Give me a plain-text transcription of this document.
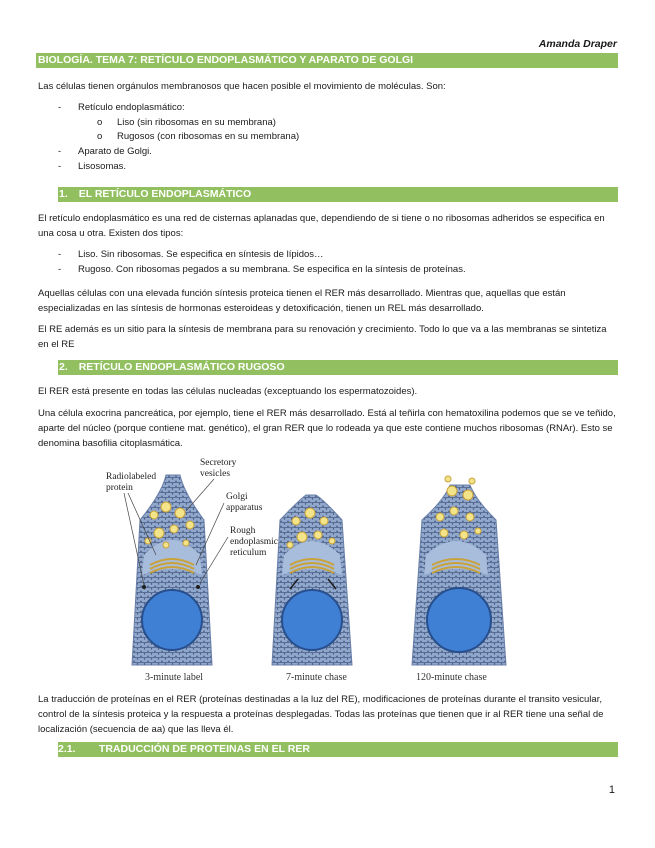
Amanda Draper
BIOLOGÍA. TEMA 7: RETÍCULO ENDOPLASMÁTICO Y APARATO DE GOLGI
Las células tienen orgánulos membranosos que hacen posible el movimiento de moléculas. Son:
- Retículo endoplasmático:
o Liso (sin ribosomas en su membrana)
o Rugosos (con ribosomas en su membrana)
- Aparato de Golgi.
- Lisosomas.
1. EL RETÍCULO ENDOPLASMÁTICO
El retículo endoplasmático es una red de cisternas aplanadas que, dependiendo de si tiene o no ribosomas adheridos se especifica en una cosa u otra. Existen dos tipos:
- Liso. Sin ribosomas. Se especifica en síntesis de lípidos…
- Rugoso. Con ribosomas pegados a su membrana. Se especifica en la síntesis de proteínas.
Aquellas células con una elevada función síntesis proteica tienen el RER más desarrollado. Mientras que, aquellas que están especializadas en las síntesis de hormonas esteroideas y detoxificación, tienen un REL más desarrollado.
El RE además es un sitio para la síntesis de membrana para su renovación y crecimiento. Todo lo que va a las membranas se sintetiza en el RE
2. RETÍCULO ENDOPLASMÁTICO RUGOSO
El RER está presente en todas las células nucleadas (exceptuando los espermatozoides).
Una célula exocrina pancreática, por ejemplo, tiene el RER más desarrollado. Está al teñirla con hematoxilina podemos que se ve teñido, aparte del núcleo (porque contiene mat. genético), el gran RER que lo rodeada ya que este contiene muchos ribosomas (RNAr). Esto se denomina basofilia citoplasmática.
Radiolabeled
protein
Secretory
vesicles
Golgi
apparatus
Rough
endoplasmic
reticulum
3-minute label	7-minute chase	120-minute chase
La traducción de proteínas en el RER (proteínas destinadas a la luz del RE), modificaciones de proteínas durante el transito vesicular, control de la síntesis proteica y la respuesta a proteínas desplegadas. Todas las proteínas que tienen que ir al RER tiene una señal de localización (secuencia de aa) que las lleva él.
2.1. TRADUCCIÓN DE PROTEINAS EN EL RER
1
